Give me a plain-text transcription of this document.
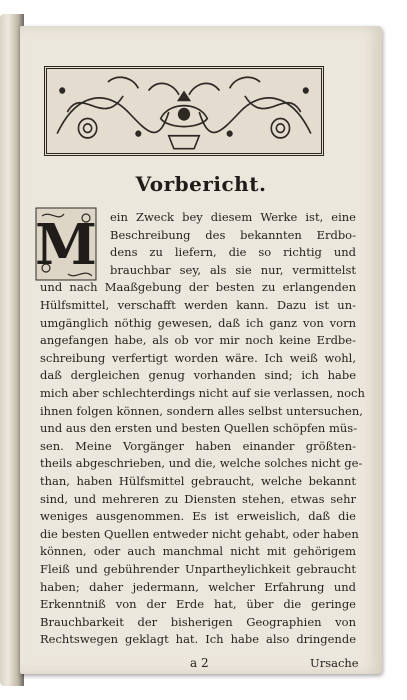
Vorbericht.
M ein Zweck bey diesem Werke ist, eine
Beschreibung des bekannten Erdbo-
dens zu liefern, die so richtig und
brauchbar sey, als sie nur, vermittelst
und nach Maaßgebung der besten zu erlangenden
Hülfsmittel, verschafft werden kann. Dazu ist un-
umgänglich nöthig gewesen, daß ich ganz von vorn
angefangen habe, als ob vor mir noch keine Erdbe-
schreibung verfertigt worden wäre. Ich weiß wohl,
daß dergleichen genug vorhanden sind; ich habe
mich aber schlechterdings nicht auf sie verlassen, noch
ihnen folgen können, sondern alles selbst untersuchen,
und aus den ersten und besten Quellen schöpfen müs-
sen. Meine Vorgänger haben einander größten-
theils abgeschrieben, und die, welche solches nicht ge-
than, haben Hülfsmittel gebraucht, welche bekannt
sind, und mehreren zu Diensten stehen, etwas sehr
weniges ausgenommen. Es ist erweislich, daß die
die besten Quellen entweder nicht gehabt, oder haben
können, oder auch manchmal nicht mit gehörigem
Fleiß und gebührender Unpartheylichkeit gebraucht
haben; daher jedermann, welcher Erfahrung und
Erkenntniß von der Erde hat, über die geringe
Brauchbarkeit der bisherigen Geographien von
Rechtswegen geklagt hat. Ich habe also dringende
a 2	Ursache
